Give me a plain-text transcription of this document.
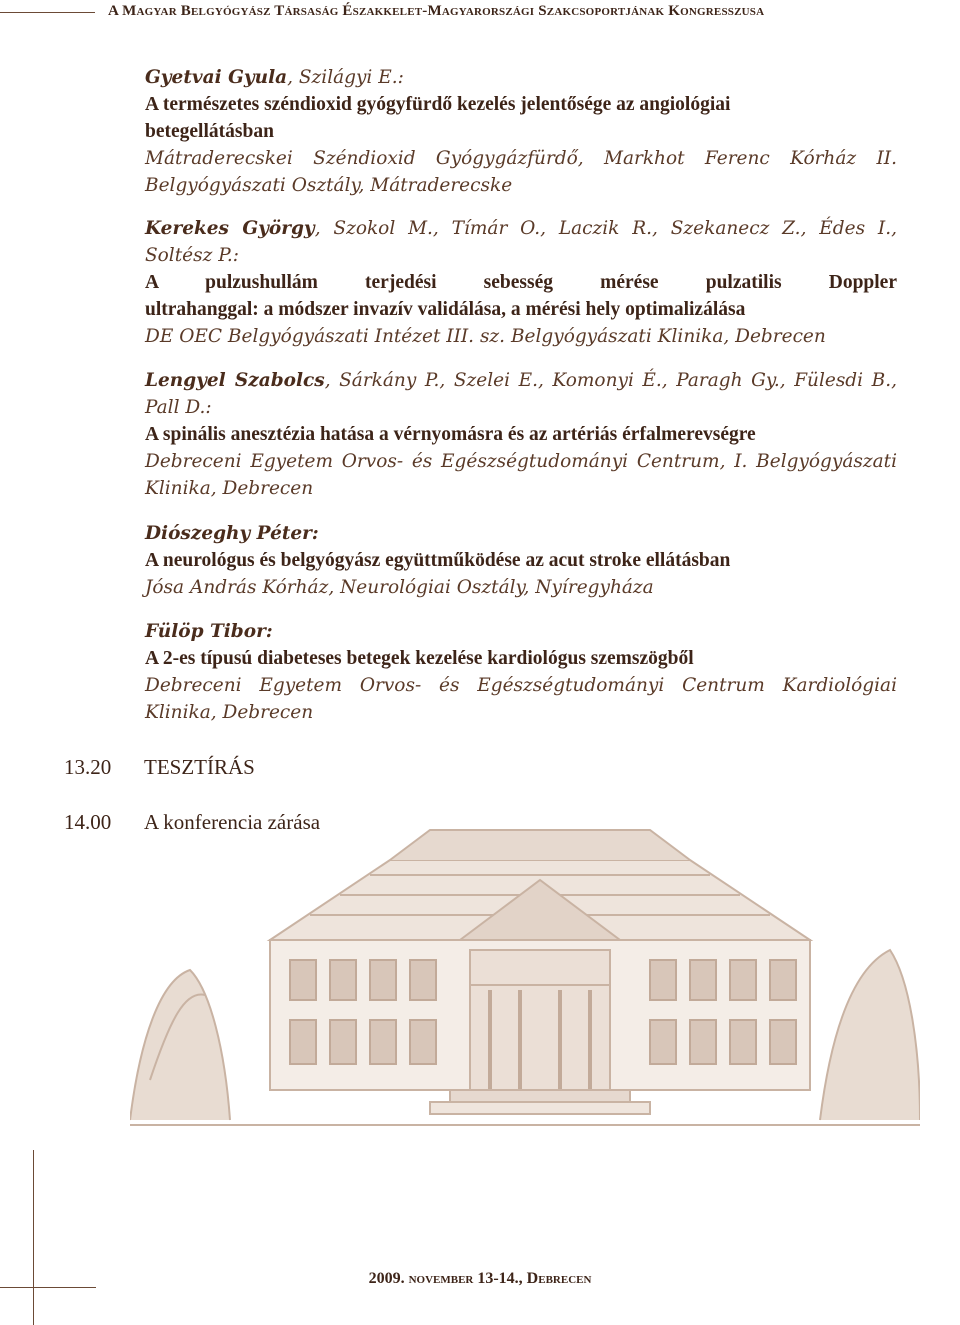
A Magyar Belgyógyász Társaság Északkelet-Magyarországi Szakcsoportjának Kongresszusa
Gyetvai Gyula, Szilágyi E.:
A természetes széndioxid gyógyfürdő kezelés jelentősége az angiológiai
betegellátásban
Mátraderecskei Széndioxid Gyógygázfürdő, Markhot Ferenc Kórház II.
Belgyógyászati Osztály, Mátraderecske
Kerekes György, Szokol M., Tímár O., Laczik R., Szekanecz Z., Édes I.,
Soltész P.:
A pulzushullám terjedési sebesség mérése pulzatilis Doppler
ultrahanggal: a módszer invazív validálása, a mérési hely optimalizálása
DE OEC Belgyógyászati Intézet III. sz. Belgyógyászati Klinika, Debrecen
Lengyel Szabolcs, Sárkány P., Szelei E., Komonyi É., Paragh Gy., Fülesdi B.,
Pall D.:
A spinális anesztézia hatása a vérnyomásra és az artériás érfalmerevségre
Debreceni Egyetem Orvos- és Egészségtudományi Centrum, I. Belgyógyászati
Klinika, Debrecen
Diószeghy Péter:
A neurológus és belgyógyász együttműködése az acut stroke ellátásban
Jósa András Kórház, Neurológiai Osztály, Nyíregyháza
Fülöp Tibor:
A 2-es típusú diabeteses betegek kezelése kardiológus szemszögből
Debreceni Egyetem Orvos- és Egészségtudományi Centrum Kardiológiai
Klinika, Debrecen
13.20 TESZTÍRÁS
14.00 A konferencia zárása
2009. november 13-14., Debrecen
